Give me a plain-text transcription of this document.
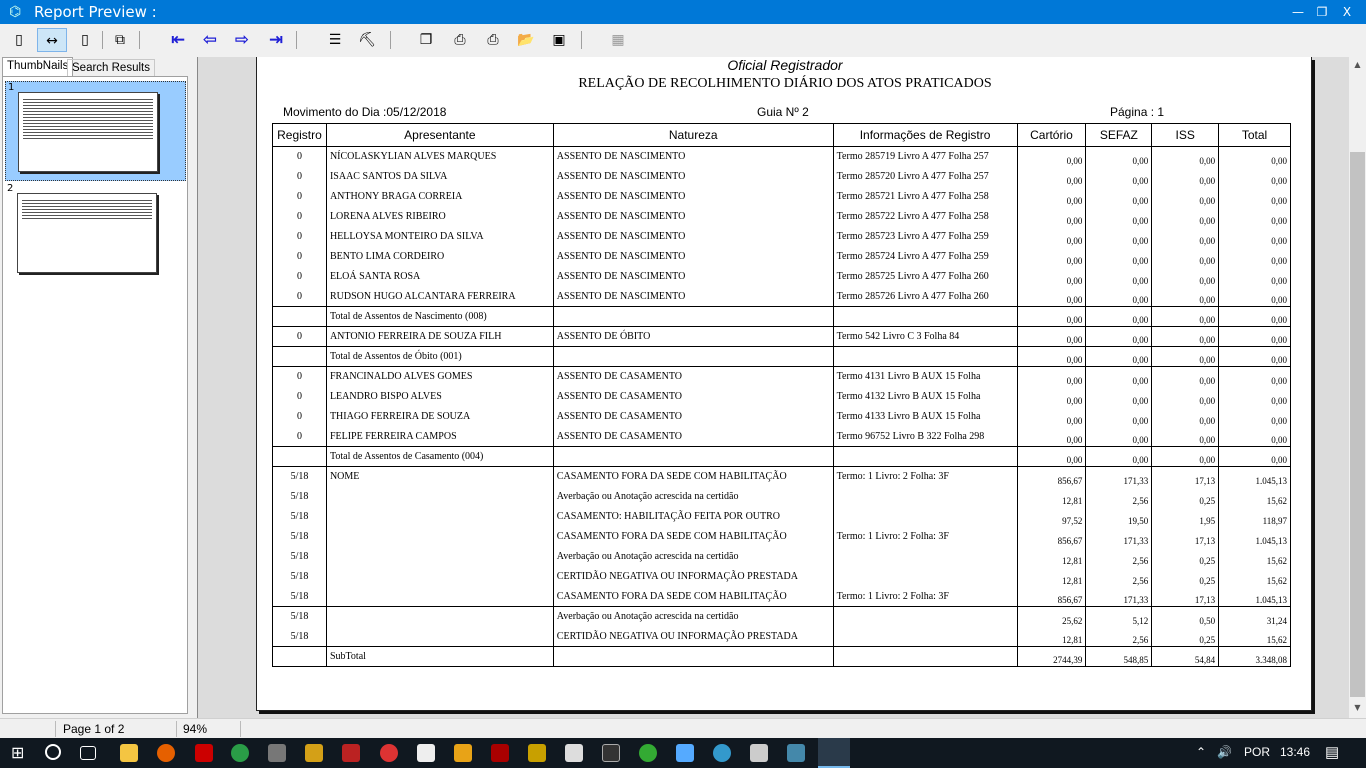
⌬ Report Preview :	—	❐	X
▯	↔	▯	⧉	⇤ ⇦ ⇨ ⇥	☰	⛏	❐	⎙	⎙	📂	▣	▦
ThumbNails Search Results
1
2
Oficial Registrador
RELAÇÃO DE RECOLHIMENTO DIÁRIO DOS ATOS PRATICADOS
Movimento do Dia :05/12/2018	Guia Nº 2	Página : 1
Registro	Apresentante	Natureza	Informações de Registro	Cartório	SEFAZ	ISS	Total
0	NÍCOLASKYLIAN ALVES MARQUES	ASSENTO DE NASCIMENTO	Termo 285719 Livro A 477 Folha 257	0,00	0,00	0,00	0,00
0	ISAAC SANTOS DA SILVA	ASSENTO DE NASCIMENTO	Termo 285720 Livro A 477 Folha 257	0,00	0,00	0,00	0,00
0	ANTHONY BRAGA CORREIA	ASSENTO DE NASCIMENTO	Termo 285721 Livro A 477 Folha 258	0,00	0,00	0,00	0,00
0	LORENA ALVES RIBEIRO	ASSENTO DE NASCIMENTO	Termo 285722 Livro A 477 Folha 258	0,00	0,00	0,00	0,00
0	HELLOYSA MONTEIRO DA SILVA	ASSENTO DE NASCIMENTO	Termo 285723 Livro A 477 Folha 259	0,00	0,00	0,00	0,00
0	BENTO LIMA CORDEIRO	ASSENTO DE NASCIMENTO	Termo 285724 Livro A 477 Folha 259	0,00	0,00	0,00	0,00
0	ELOÁ SANTA ROSA	ASSENTO DE NASCIMENTO	Termo 285725 Livro A 477 Folha 260	0,00	0,00	0,00	0,00
0	RUDSON HUGO ALCANTARA FERREIRA	ASSENTO DE NASCIMENTO	Termo 285726 Livro A 477 Folha 260	0,00	0,00	0,00	0,00
	Total de Assentos de Nascimento (008)			0,00	0,00	0,00	0,00
0	ANTONIO FERREIRA DE SOUZA FILH	ASSENTO DE ÓBITO	Termo 542 Livro C 3 Folha 84	0,00	0,00	0,00	0,00
	Total de Assentos de Óbito (001)			0,00	0,00	0,00	0,00
0	FRANCINALDO ALVES GOMES	ASSENTO DE CASAMENTO	Termo 4131 Livro B AUX 15 Folha	0,00	0,00	0,00	0,00
0	LEANDRO BISPO ALVES	ASSENTO DE CASAMENTO	Termo 4132 Livro B AUX 15 Folha	0,00	0,00	0,00	0,00
0	THIAGO FERREIRA DE SOUZA	ASSENTO DE CASAMENTO	Termo 4133 Livro B AUX 15 Folha	0,00	0,00	0,00	0,00
0	FELIPE FERREIRA CAMPOS	ASSENTO DE CASAMENTO	Termo 96752 Livro B 322 Folha 298	0,00	0,00	0,00	0,00
	Total de Assentos de Casamento (004)			0,00	0,00	0,00	0,00
5/18	NOME	CASAMENTO FORA DA SEDE COM HABILITAÇÃO	Termo: 1 Livro: 2 Folha: 3F	856,67	171,33	17,13	1.045,13
5/18		Averbação ou Anotação acrescida na certidão		12,81	2,56	0,25	15,62
5/18		CASAMENTO: HABILITAÇÃO FEITA POR OUTRO		97,52	19,50	1,95	118,97
5/18		CASAMENTO FORA DA SEDE COM HABILITAÇÃO	Termo: 1 Livro: 2 Folha: 3F	856,67	171,33	17,13	1.045,13
5/18		Averbação ou Anotação acrescida na certidão		12,81	2,56	0,25	15,62
5/18		CERTIDÃO NEGATIVA OU INFORMAÇÃO PRESTADA		12,81	2,56	0,25	15,62
5/18		CASAMENTO FORA DA SEDE COM HABILITAÇÃO	Termo: 1 Livro: 2 Folha: 3F	856,67	171,33	17,13	1.045,13
5/18		Averbação ou Anotação acrescida na certidão		25,62	5,12	0,50	31,24
5/18		CERTIDÃO NEGATIVA OU INFORMAÇÃO PRESTADA		12,81	2,56	0,25	15,62
	SubTotal			2744,39	548,85	54,84	3.348,08
▲
▼
Page 1 of 2	94%
⊞	⌃ 🔊 POR 13:46 ▤
